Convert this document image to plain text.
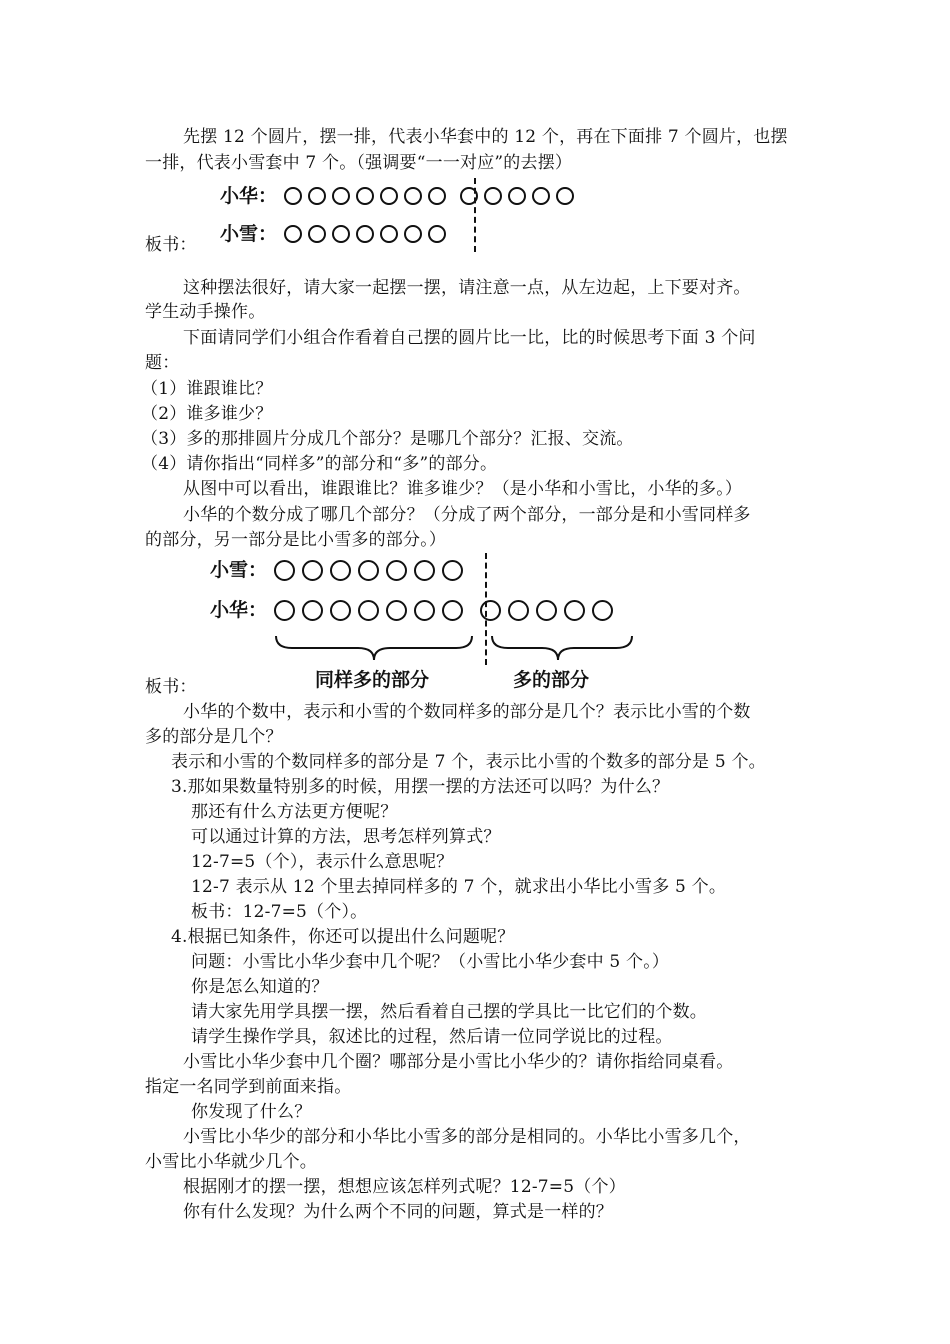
先摆 12 个圆片，摆一排，代表小华套中的 12 个，再在下面排 7 个圆片，也摆
一排，代表小雪套中 7 个。（强调要“一一对应”的去摆）
小华：
小雪：
板书：
这种摆法很好，请大家一起摆一摆，请注意一点，从左边起，上下要对齐。
学生动手操作。
下面请同学们小组合作看着自己摆的圆片比一比，比的时候思考下面 3 个问
题：
（1）谁跟谁比？
（2）谁多谁少？
（3）多的那排圆片分成几个部分？是哪几个部分？汇报、交流。
（4）请你指出“同样多”的部分和“多”的部分。
从图中可以看出，谁跟谁比？谁多谁少？（是小华和小雪比，小华的多。）
小华的个数分成了哪几个部分？（分成了两个部分，一部分是和小雪同样多
的部分，另一部分是比小雪多的部分。）
小雪：
小华：
同样多的部分	多的部分
板书：
小华的个数中，表示和小雪的个数同样多的部分是几个？表示比小雪的个数
多的部分是几个？
表示和小雪的个数同样多的部分是 7 个，表示比小雪的个数多的部分是 5 个。
3.那如果数量特别多的时候，用摆一摆的方法还可以吗？为什么？
那还有什么方法更方便呢？
可以通过计算的方法，思考怎样列算式？
12-7=5（个），表示什么意思呢？
12-7 表示从 12 个里去掉同样多的 7 个，就求出小华比小雪多 5 个。
板书：12-7=5（个）。
4.根据已知条件，你还可以提出什么问题呢？
问题：小雪比小华少套中几个呢？（小雪比小华少套中 5 个。）
你是怎么知道的？
请大家先用学具摆一摆，然后看着自己摆的学具比一比它们的个数。
请学生操作学具，叙述比的过程，然后请一位同学说比的过程。
小雪比小华少套中几个圈？哪部分是小雪比小华少的？请你指给同桌看。
指定一名同学到前面来指。
你发现了什么？
小雪比小华少的部分和小华比小雪多的部分是相同的。小华比小雪多几个，
小雪比小华就少几个。
根据刚才的摆一摆，想想应该怎样列式呢？12-7=5（个）
你有什么发现？为什么两个不同的问题，算式是一样的？
